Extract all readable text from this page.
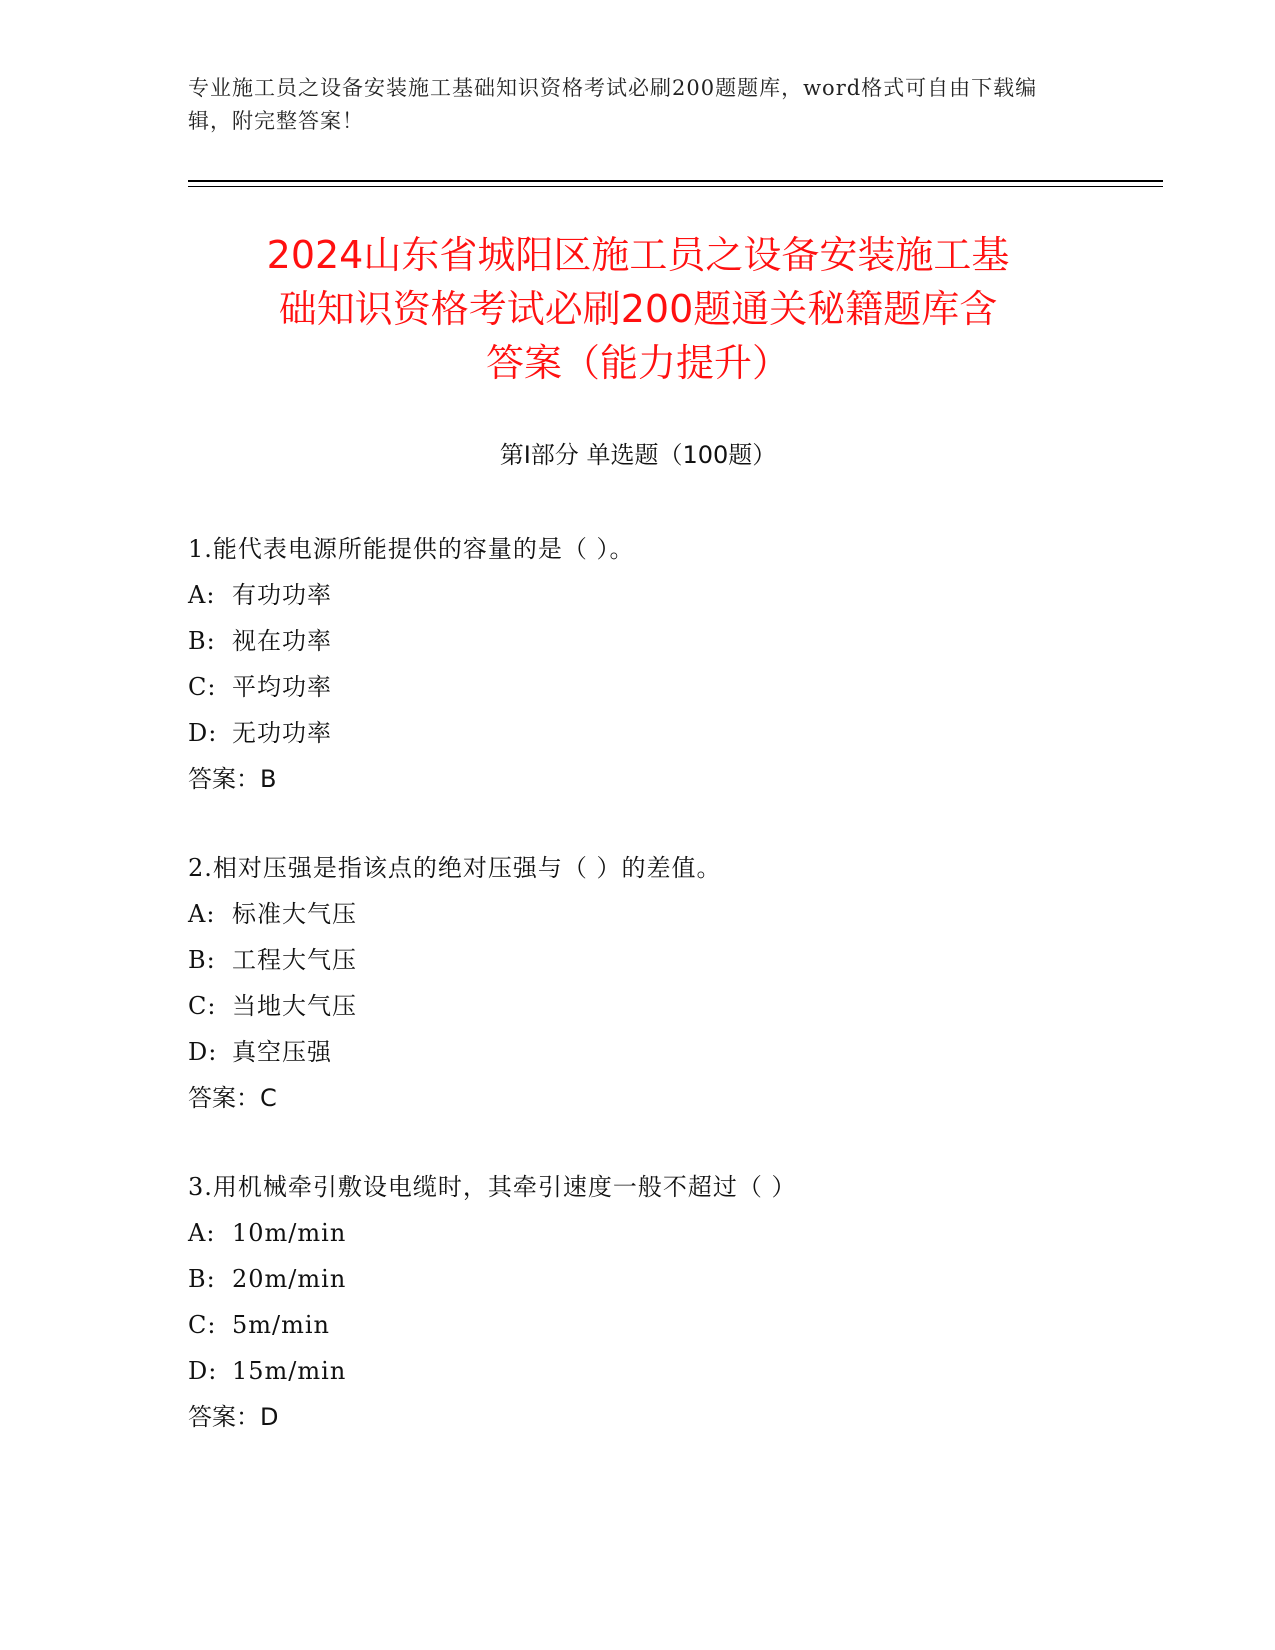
专业施工员之设备安装施工基础知识资格考试必刷200题题库，word格式可自由下载编辑，附完整答案！
2024山东省城阳区施工员之设备安装施工基
础知识资格考试必刷200题通关秘籍题库含
答案（能力提升）
第Ⅰ部分 单选题（100题）
1.能代表电源所能提供的容量的是（ ）。
A: 有功功率
B: 视在功率
C: 平均功率
D: 无功功率
答案：B
2.相对压强是指该点的绝对压强与（ ）的差值。
A: 标准大气压
B: 工程大气压
C: 当地大气压
D: 真空压强
答案：C
3.用机械牵引敷设电缆时，其牵引速度一般不超过（ ）
A: 10m/min
B: 20m/min
C: 5m/min
D: 15m/min
答案：D
